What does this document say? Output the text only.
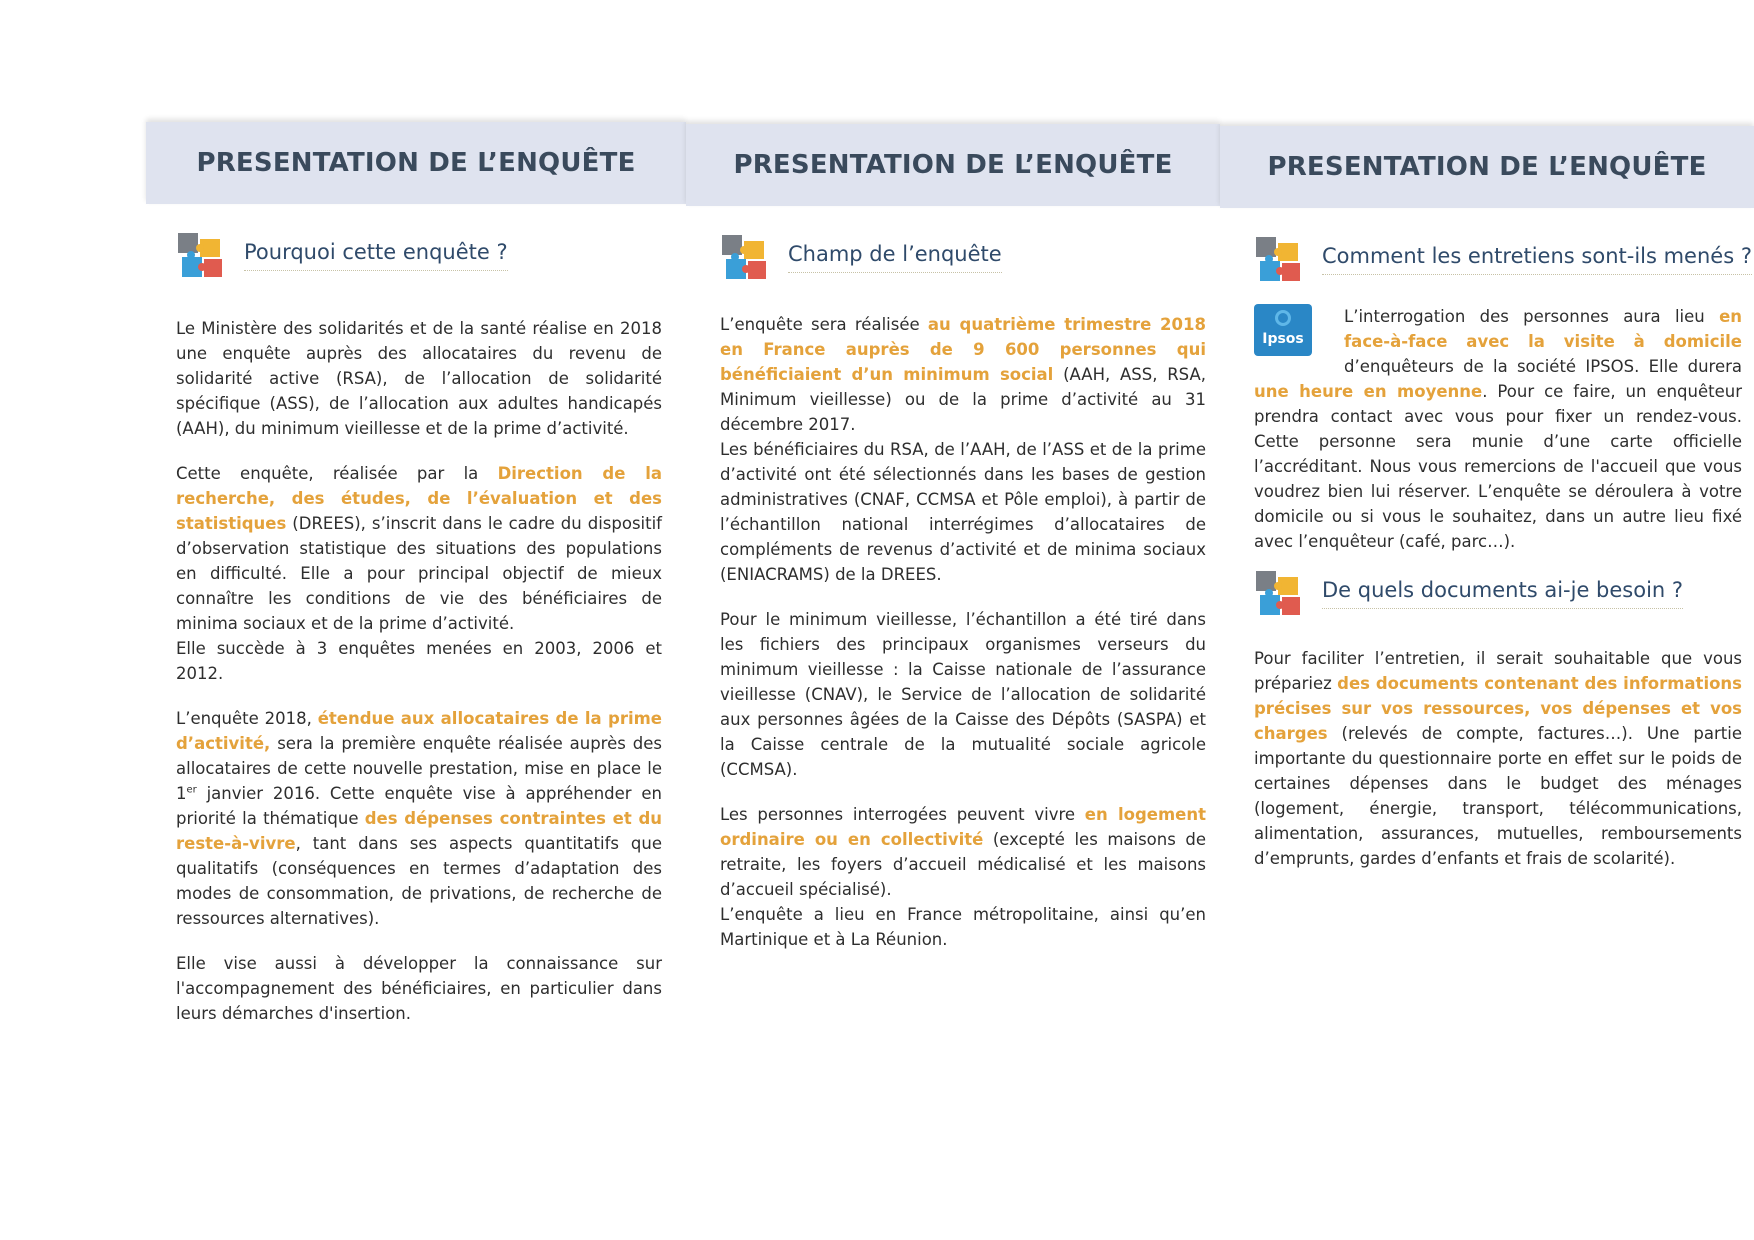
PRESENTATION DE L’ENQUÊTE	PRESENTATION DE L’ENQUÊTE	PRESENTATION DE L’ENQUÊTE
Pourquoi cette enquête ?

Le Ministère des solidarités et de la santé réalise en 2018 une enquête auprès des allocataires du revenu de solidarité active (RSA), de l’allocation de solidarité spécifique (ASS), de l’allocation aux adultes handicapés (AAH), du minimum vieillesse et de la prime d’activité.

Cette enquête, réalisée par la Direction de la recherche, des études, de l’évaluation et des statistiques (DREES), s’inscrit dans le cadre du dispositif d’observation statistique des situations des populations en difficulté. Elle a pour principal objectif de mieux connaître les conditions de vie des bénéficiaires de minima sociaux et de la prime d’activité.

Elle succède à 3 enquêtes menées en 2003, 2006 et 2012.

L’enquête 2018, étendue aux allocataires de la prime d’activité, sera la première enquête réalisée auprès des allocataires de cette nouvelle prestation, mise en place le 1er janvier 2016. Cette enquête vise à appréhender en priorité la thématique des dépenses contraintes et du reste-à-vivre, tant dans ses aspects quantitatifs que qualitatifs (conséquences en termes d’adaptation des modes de consommation, de privations, de recherche de ressources alternatives).

Elle vise aussi à développer la connaissance sur l'accompagnement des bénéficiaires, en particulier dans leurs démarches d'insertion.

Champ de l’enquête

L’enquête sera réalisée au quatrième trimestre 2018 en France auprès de 9 600 personnes qui bénéficiaient d’un minimum social (AAH, ASS, RSA, Minimum vieillesse) ou de la prime d’activité au 31 décembre 2017.

Les bénéficiaires du RSA, de l’AAH, de l’ASS et de la prime d’activité ont été sélectionnés dans les bases de gestion administratives (CNAF, CCMSA et Pôle emploi), à partir de l’échantillon national interrégimes d’allocataires de compléments de revenus d’activité et de minima sociaux (ENIACRAMS) de la DREES.

Pour le minimum vieillesse, l’échantillon a été tiré dans les fichiers des principaux organismes verseurs du minimum vieillesse : la Caisse nationale de l’assurance vieillesse (CNAV), le Service de l’allocation de solidarité aux personnes âgées de la Caisse des Dépôts (SASPA) et la Caisse centrale de la mutualité sociale agricole (CCMSA).

Les personnes interrogées peuvent vivre en logement ordinaire ou en collectivité (excepté les maisons de retraite, les foyers d’accueil médicalisé et les maisons d’accueil spécialisé).

L’enquête a lieu en France métropolitaine, ainsi qu’en Martinique et à La Réunion.

Comment les entretiens sont-ils menés ?

Ipsos
L’interrogation des personnes aura lieu en face-à-face avec la visite à domicile d’enquêteurs de la société IPSOS. Elle durera une heure en moyenne. Pour ce faire, un enquêteur prendra contact avec vous pour fixer un rendez-vous. Cette personne sera munie d’une carte officielle l’accréditant. Nous vous remercions de l'accueil que vous voudrez bien lui réserver. L’enquête se déroulera à votre domicile ou si vous le souhaitez, dans un autre lieu fixé avec l’enquêteur (café, parc…).

De quels documents ai-je besoin ?

Pour faciliter l’entretien, il serait souhaitable que vous prépariez des documents contenant des informations précises sur vos ressources, vos dépenses et vos charges (relevés de compte, factures…). Une partie importante du questionnaire porte en effet sur le poids de certaines dépenses dans le budget des ménages (logement, énergie, transport, télécommunications, alimentation, assurances, mutuelles, remboursements d’emprunts, gardes d’enfants et frais de scolarité).
